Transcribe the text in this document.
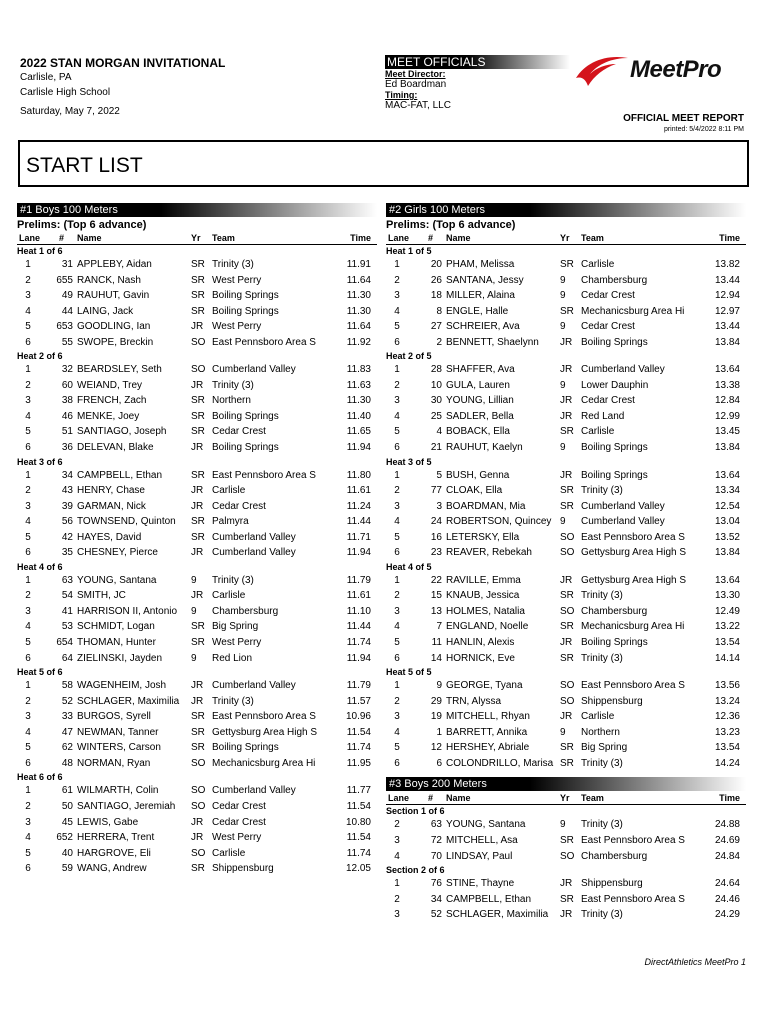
2022 STAN MORGAN INVITATIONAL
Carlisle, PA
Carlisle High School
Saturday, May 7, 2022
MEET OFFICIALS
Meet Director:
Ed Boardman
Timing:
MAC-FAT, LLC
MeetPro
OFFICIAL MEET REPORT
printed: 5/4/2022 8:11 PM
START LIST
#1 Boys 100 Meters
Prelims: (Top 6 advance)
Lane	#	Name	Yr	Team	Time
Heat 1 of 6
1	31 APPLEBY, Aidan	SR Trinity (3)	11.91
2	655 RANCK, Nash	SR West Perry	11.64
3	49 RAUHUT, Gavin	SR Boiling Springs	11.30
4	44 LAING, Jack	SR Boiling Springs	11.30
5	653 GOODLING, Ian	JR West Perry	11.64
6	55 SWOPE, Breckin	SO East Pennsboro Area S	11.92
Heat 2 of 6
1	32 BEARDSLEY, Seth	SO Cumberland Valley	11.83
2	60 WEIAND, Trey	JR Trinity (3)	11.63
3	38 FRENCH, Zach	SR Northern	11.30
4	46 MENKE, Joey	SR Boiling Springs	11.40
5	51 SANTIAGO, Joseph	SR Cedar Crest	11.65
6	36 DELEVAN, Blake	JR Boiling Springs	11.94
Heat 3 of 6
1	34 CAMPBELL, Ethan	SR East Pennsboro Area S	11.80
2	43 HENRY, Chase	JR Carlisle	11.61
3	39 GARMAN, Nick	JR Cedar Crest	11.24
4	56 TOWNSEND, Quinton	SR Palmyra	11.44
5	42 HAYES, David	SR Cumberland Valley	11.71
6	35 CHESNEY, Pierce	JR Cumberland Valley	11.94
Heat 4 of 6
1	63 YOUNG, Santana	9	Trinity (3)	11.79
2	54 SMITH, JC	JR Carlisle	11.61
3	41 HARRISON II, Antonio	9	Chambersburg	11.10
4	53 SCHMIDT, Logan	SR Big Spring	11.44
5	654 THOMAN, Hunter	SR West Perry	11.74
6	64 ZIELINSKI, Jayden	9	Red Lion	11.94
Heat 5 of 6
1	58 WAGENHEIM, Josh	JR Cumberland Valley	11.79
2	52 SCHLAGER, Maximilia	JR Trinity (3)	11.57
3	33 BURGOS, Syrell	SR East Pennsboro Area S	10.96
4	47 NEWMAN, Tanner	SR Gettysburg Area High S	11.54
5	62 WINTERS, Carson	SR Boiling Springs	11.74
6	48 NORMAN, Ryan	SO Mechanicsburg Area Hi	11.95
Heat 6 of 6
1	61 WILMARTH, Colin	SO Cumberland Valley	11.77
2	50 SANTIAGO, Jeremiah	SO Cedar Crest	11.54
3	45 LEWIS, Gabe	JR Cedar Crest	10.80
4	652 HERRERA, Trent	JR West Perry	11.54
5	40 HARGROVE, Eli	SO Carlisle	11.74
6	59 WANG, Andrew	SR Shippensburg	12.05
#2 Girls 100 Meters
Prelims: (Top 6 advance)
Lane	#	Name	Yr	Team	Time
Heat 1 of 5
1	20 PHAM, Melissa	SR Carlisle	13.82
2	26 SANTANA, Jessy	9	Chambersburg	13.44
3	18 MILLER, Alaina	9	Cedar Crest	12.94
4	8 ENGLE, Halle	SR Mechanicsburg Area Hi	12.97
5	27 SCHREIER, Ava	9	Cedar Crest	13.44
6	2 BENNETT, Shaelynn	JR Boiling Springs	13.84
Heat 2 of 5
1	28 SHAFFER, Ava	JR Cumberland Valley	13.64
2	10 GULA, Lauren	9	Lower Dauphin	13.38
3	30 YOUNG, Lillian	JR Cedar Crest	12.84
4	25 SADLER, Bella	JR Red Land	12.99
5	4 BOBACK, Ella	SR Carlisle	13.45
6	21 RAUHUT, Kaelyn	9	Boiling Springs	13.84
Heat 3 of 5
1	5 BUSH, Genna	JR Boiling Springs	13.64
2	77 CLOAK, Ella	SR Trinity (3)	13.34
3	3 BOARDMAN, Mia	SR Cumberland Valley	12.54
4	24 ROBERTSON, Quincey 9	Cumberland Valley	13.04
5	16 LETERSKY, Ella	SO East Pennsboro Area S	13.52
6	23 REAVER, Rebekah	SO Gettysburg Area High S	13.84
Heat 4 of 5
1	22 RAVILLE, Emma	JR Gettysburg Area High S	13.64
2	15 KNAUB, Jessica	SR Trinity (3)	13.30
3	13 HOLMES, Natalia	SO Chambersburg	12.49
4	7 ENGLAND, Noelle	SR Mechanicsburg Area Hi	13.22
5	11 HANLIN, Alexis	JR Boiling Springs	13.54
6	14 HORNICK, Eve	SR Trinity (3)	14.14
Heat 5 of 5
1	9 GEORGE, Tyana	SO East Pennsboro Area S	13.56
2	29 TRN, Alyssa	SO Shippensburg	13.24
3	19 MITCHELL, Rhyan	JR Carlisle	12.36
4	1 BARRETT, Annika	9	Northern	13.23
5	12 HERSHEY, Abriale	SR Big Spring	13.54
6	6 COLONDRILLO, Marisa SR Trinity (3)	14.24
#3 Boys 200 Meters
Lane	#	Name	Yr	Team	Time
Section 1 of 6
2	63 YOUNG, Santana	9	Trinity (3)	24.88
3	72 MITCHELL, Asa	SR East Pennsboro Area S	24.69
4	70 LINDSAY, Paul	SO Chambersburg	24.84
Section 2 of 6
1	76 STINE, Thayne	JR Shippensburg	24.64
2	34 CAMPBELL, Ethan	SR East Pennsboro Area S	24.46
3	52 SCHLAGER, Maximilia	JR Trinity (3)	24.29
DirectAthletics MeetPro 1
